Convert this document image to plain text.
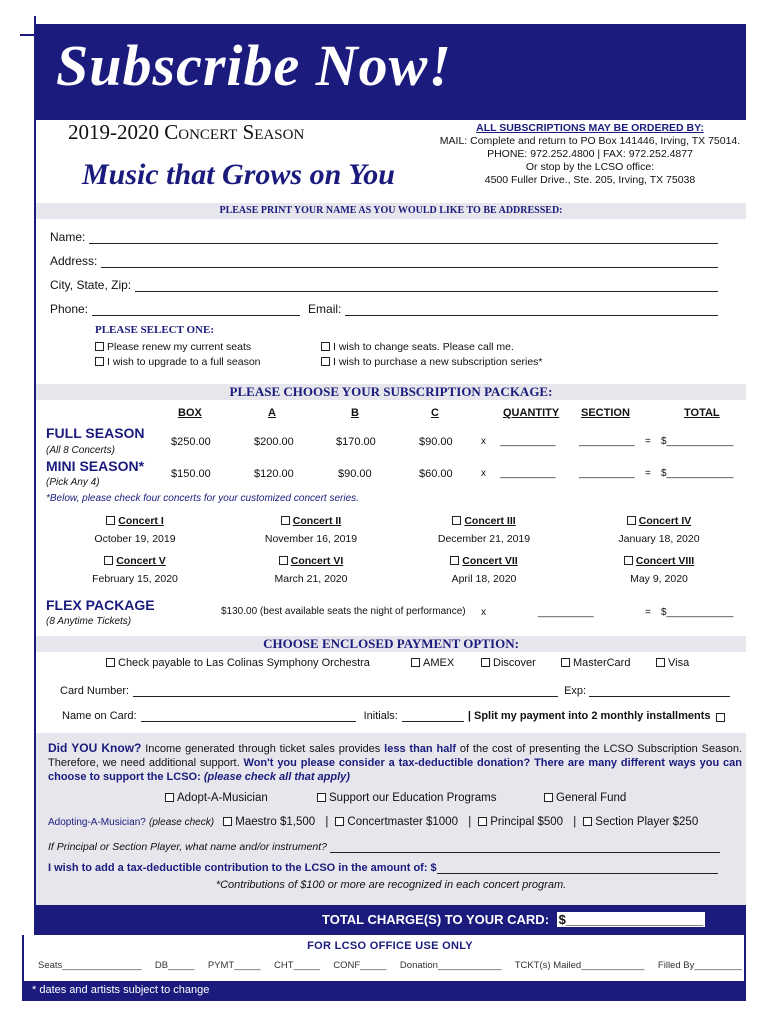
Subscribe Now!
2019-2020 Concert Season
Music that Grows on You
ALL SUBSCRIPTIONS MAY BE ORDERED BY:
MAIL: Complete and return to PO Box 141446, Irving, TX 75014.
PHONE: 972.252.4800 | FAX: 972.252.4877
Or stop by the LCSO office:
4500 Fuller Drive., Ste. 205, Irving, TX 75038
PLEASE PRINT YOUR NAME AS YOU WOULD LIKE TO BE ADDRESSED:
Name:
Address:
City, State, Zip:
Phone:	Email:
PLEASE SELECT ONE:
Please renew my current seats
I wish to upgrade to a full season
I wish to change seats. Please call me.
I wish to purchase a new subscription series*
PLEASE CHOOSE YOUR SUBSCRIPTION PACKAGE:
BOX	A	B	C	QUANTITY SECTION	TOTAL
FULL SEASON
(All 8 Concerts)
$250.00	$200.00	$170.00	$90.00	x __________ __________ = $____________
MINI SEASON*
(Pick Any 4)
$150.00	$120.00	$90.00	$60.00	x __________ __________ = $____________
*Below, please check four concerts for your customized concert series.
Concert I
October 19, 2019
Concert II
November 16, 2019
Concert III
December 21, 2019
Concert IV
January 18, 2020
Concert V
February 15, 2020
Concert VI
March 21, 2020
Concert VII
April 18, 2020
Concert VIII
May 9, 2020
FLEX PACKAGE
(8 Anytime Tickets)
$130.00 (best available seats the night of performance) x	__________	= $____________
CHOOSE ENCLOSED PAYMENT OPTION:
Check payable to Las Colinas Symphony Orchestra	AMEX	Discover	MasterCard	Visa
Card Number:	Exp:
Name on Card:	Initials:	| Split my payment into 2 monthly installments
Did YOU Know? Income generated through ticket sales provides less than half of the cost of presenting the LCSO Subscription Season. Therefore, we need additional support. Won't you please consider a tax-deductible donation? There are many different ways you can choose to support the LCSO: (please check all that apply)
Adopt-A-Musician	Support our Education Programs	General Fund
Adopting-A-Musician? (please check) Maestro $1,500 | Concertmaster $1000 | Principal $500 | Section Player $250
If Principal or Section Player, what name and/or instrument?
I wish to add a tax-deductible contribution to the LCSO in the amount of: $
*Contributions of $100 or more are recognized in each concert program.
TOTAL CHARGE(S) TO YOUR CARD: $___________________
FOR LCSO OFFICE USE ONLY
Seats_______________ DB_____ PYMT_____ CHT_____ CONF_____ Donation____________ TCKT(s) Mailed____________ Filled By_________
* dates and artists subject to change
